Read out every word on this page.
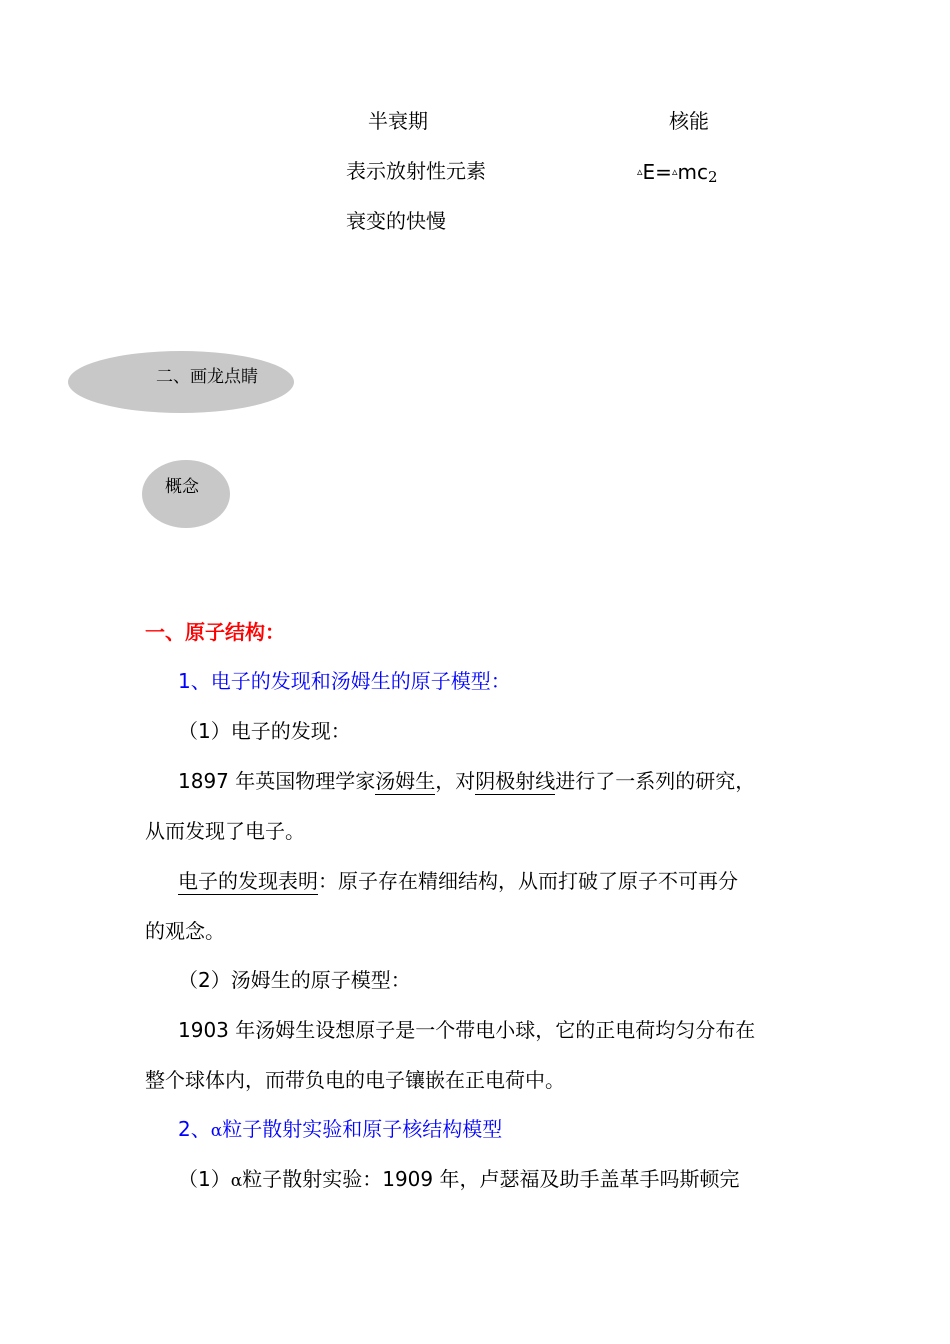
半衰期	核能
表示放射性元素	$^▵E=^▵mc_2$
衰变的快慢
二、画龙点睛
概念
一、原子结构：
1、电子的发现和汤姆生的原子模型：
（1）电子的发现：
1897 年英国物理学家汤姆生，对阴极射线进行了一系列的研究，
从而发现了电子。
电子的发现表明：原子存在精细结构，从而打破了原子不可再分
的观念。
（2）汤姆生的原子模型：
1903 年汤姆生设想原子是一个带电小球，它的正电荷均匀分布在
整个球体内，而带负电的电子镶嵌在正电荷中。
2、α粒子散射实验和原子核结构模型
（1）α粒子散射实验：1909 年，卢瑟福及助手盖革手吗斯顿完
